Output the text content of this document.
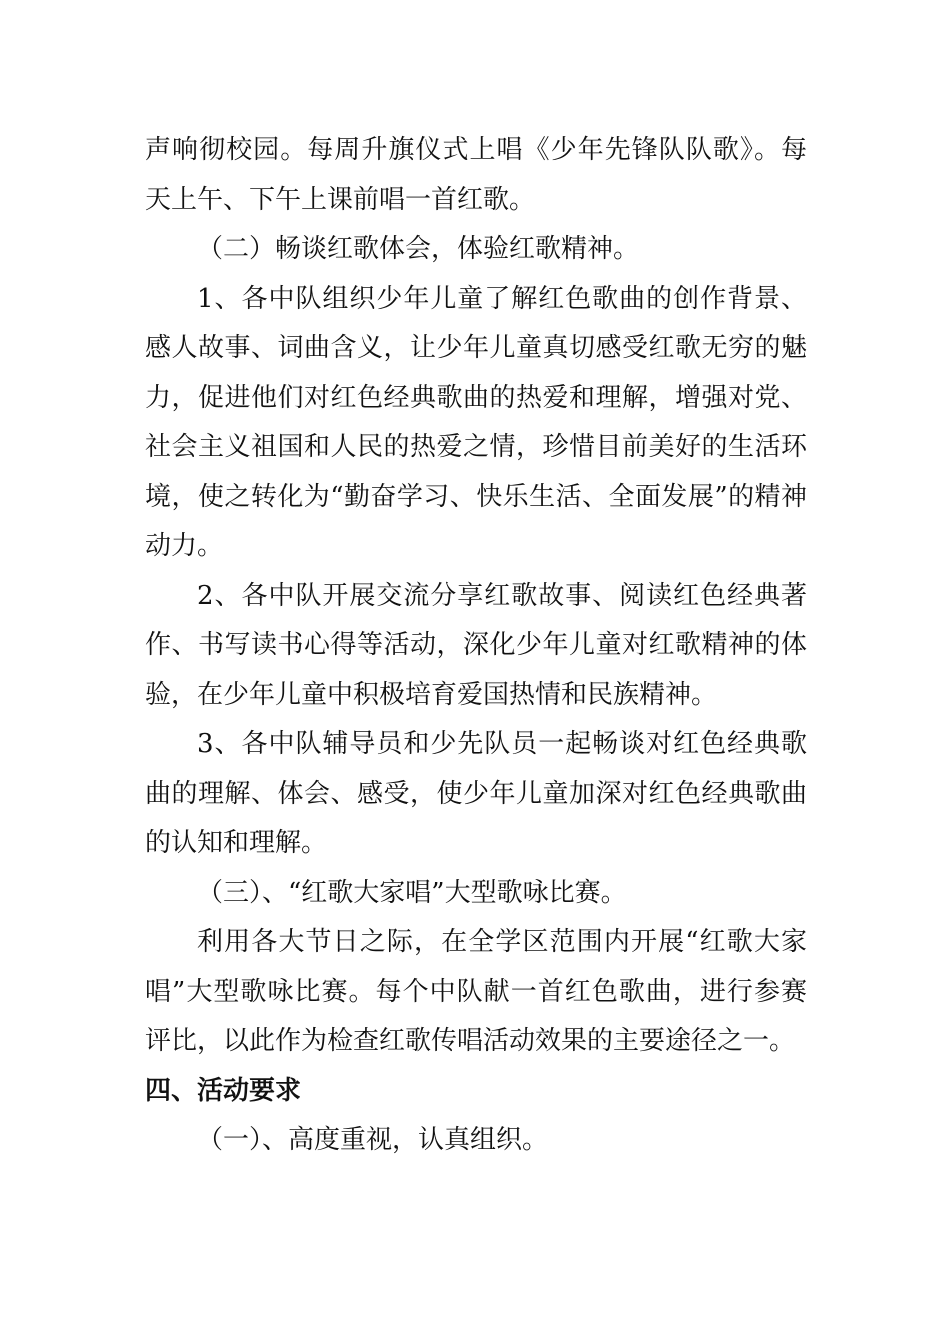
声响彻校园。每周升旗仪式上唱《少年先锋队队歌》。每天上午、下午上课前唱一首红歌。

（二）畅谈红歌体会，体验红歌精神。

1、各中队组织少年儿童了解红色歌曲的创作背景、感人故事、词曲含义，让少年儿童真切感受红歌无穷的魅力，促进他们对红色经典歌曲的热爱和理解，增强对党、社会主义祖国和人民的热爱之情，珍惜目前美好的生活环境，使之转化为“勤奋学习、快乐生活、全面发展”的精神动力。

2、各中队开展交流分享红歌故事、阅读红色经典著作、书写读书心得等活动，深化少年儿童对红歌精神的体验，在少年儿童中积极培育爱国热情和民族精神。

3、各中队辅导员和少先队员一起畅谈对红色经典歌曲的理解、体会、感受，使少年儿童加深对红色经典歌曲的认知和理解。

（三）、“红歌大家唱”大型歌咏比赛。

利用各大节日之际，在全学区范围内开展“红歌大家唱”大型歌咏比赛。每个中队献一首红色歌曲，进行参赛评比，以此作为检查红歌传唱活动效果的主要途径之一。

四、活动要求

（一）、高度重视，认真组织。
